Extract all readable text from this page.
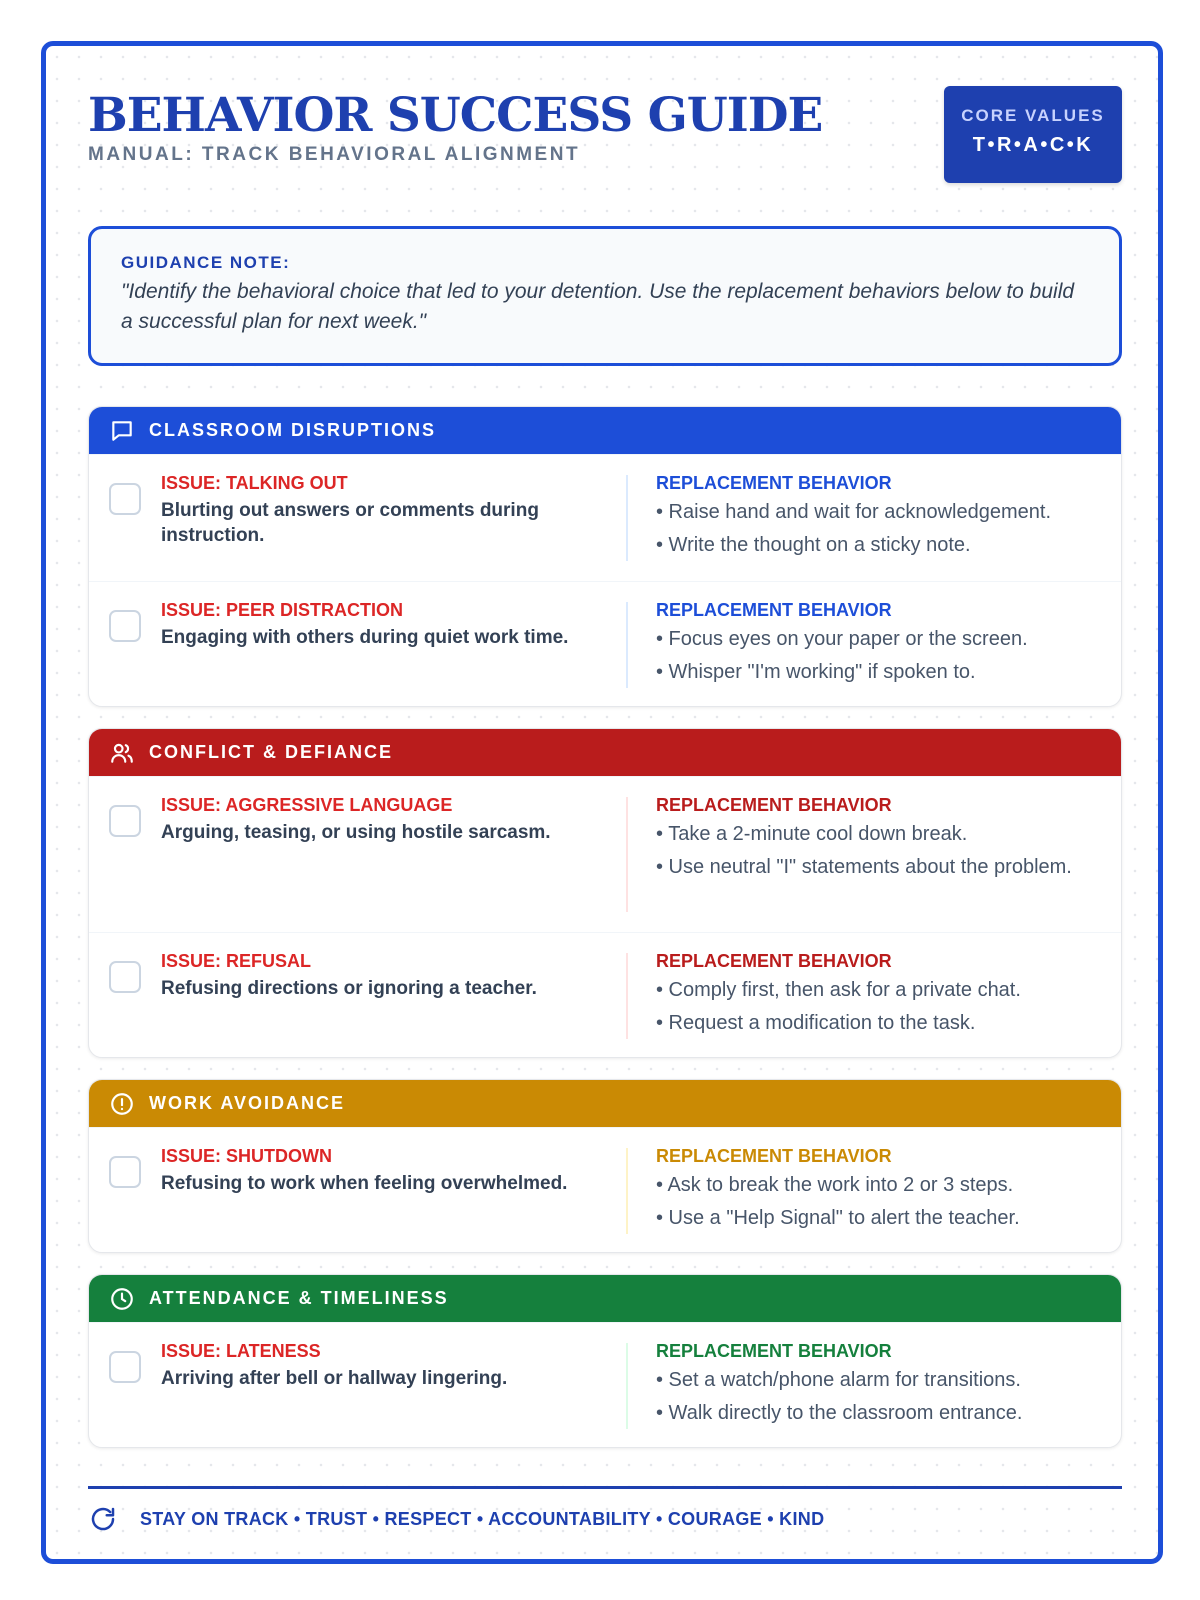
BEHAVIOR SUCCESS GUIDE
MANUAL: TRACK BEHAVIORAL ALIGNMENT
CORE VALUES
T•R•A•C•K
GUIDANCE NOTE:
"Identify the behavioral choice that led to your detention. Use the replacement behaviors below to build a successful plan for next week."
CLASSROOM DISRUPTIONS
ISSUE: TALKING OUT
Blurting out answers or comments during instruction.
REPLACEMENT BEHAVIOR
• Raise hand and wait for acknowledgement.
• Write the thought on a sticky note.
ISSUE: PEER DISTRACTION
Engaging with others during quiet work time.
REPLACEMENT BEHAVIOR
• Focus eyes on your paper or the screen.
• Whisper "I'm working" if spoken to.
CONFLICT & DEFIANCE
ISSUE: AGGRESSIVE LANGUAGE
Arguing, teasing, or using hostile sarcasm.
REPLACEMENT BEHAVIOR
• Take a 2-minute cool down break.
• Use neutral "I" statements about the problem.
ISSUE: REFUSAL
Refusing directions or ignoring a teacher.
REPLACEMENT BEHAVIOR
• Comply first, then ask for a private chat.
• Request a modification to the task.
WORK AVOIDANCE
ISSUE: SHUTDOWN
Refusing to work when feeling overwhelmed.
REPLACEMENT BEHAVIOR
• Ask to break the work into 2 or 3 steps.
• Use a "Help Signal" to alert the teacher.
ATTENDANCE & TIMELINESS
ISSUE: LATENESS
Arriving after bell or hallway lingering.
REPLACEMENT BEHAVIOR
• Set a watch/phone alarm for transitions.
• Walk directly to the classroom entrance.
STAY ON TRACK • TRUST • RESPECT • ACCOUNTABILITY • COURAGE • KIND
